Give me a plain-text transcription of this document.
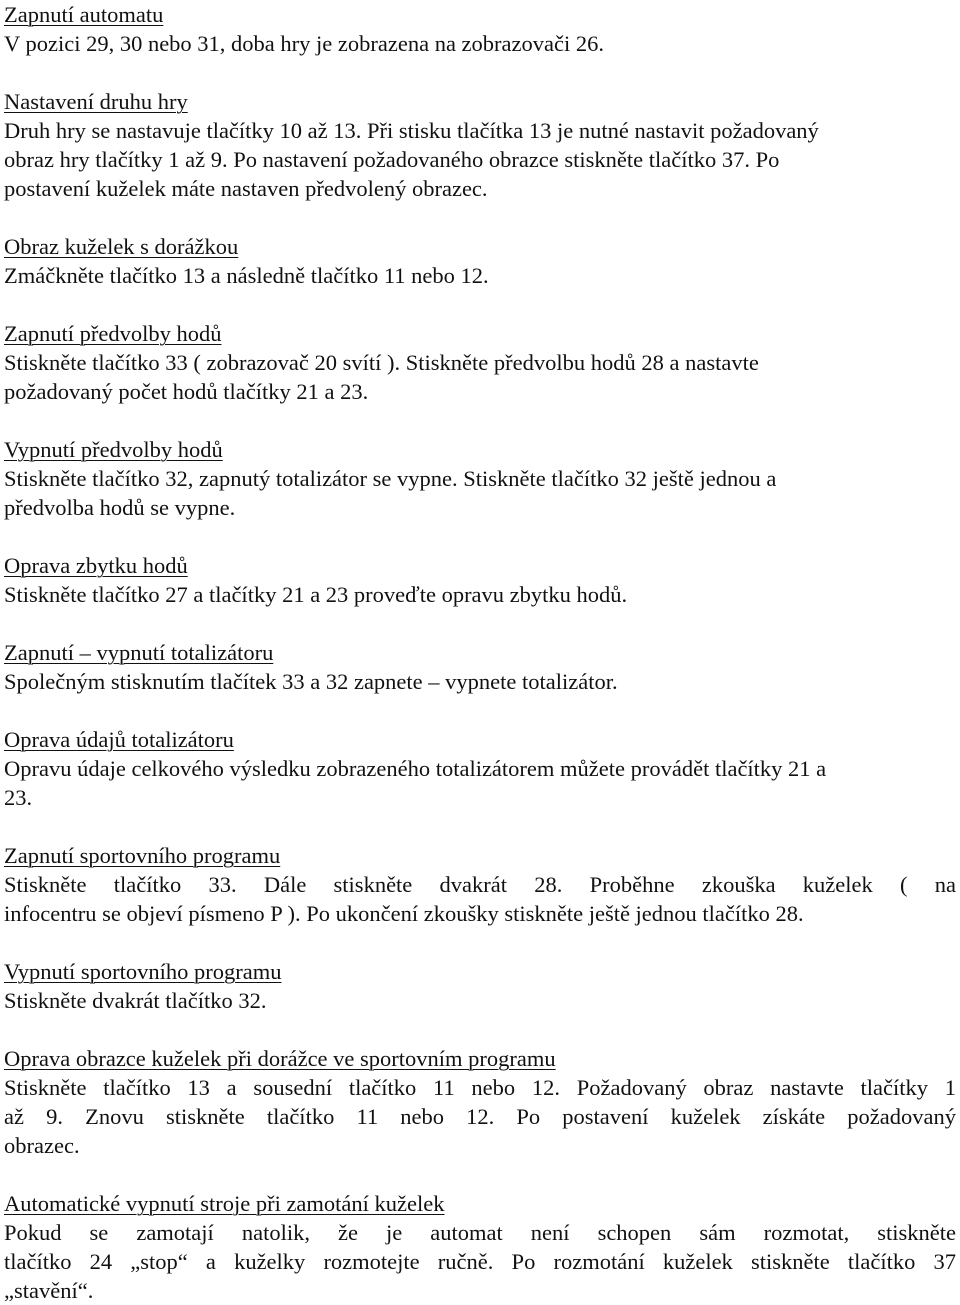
Zapnutí automatu
V pozici 29, 30 nebo 31, doba hry je zobrazena na zobrazovači 26.
Nastavení druhu hry
Druh hry se nastavuje tlačítky 10 až 13. Při stisku tlačítka 13 je nutné nastavit požadovaný
obraz hry tlačítky 1 až 9. Po nastavení požadovaného obrazce stiskněte tlačítko 37. Po
postavení kuželek máte nastaven předvolený obrazec.
Obraz kuželek s dorážkou
Zmáčkněte tlačítko 13 a následně tlačítko 11 nebo 12.
Zapnutí předvolby hodů
Stiskněte tlačítko 33 ( zobrazovač 20 svítí ). Stiskněte předvolbu hodů 28 a nastavte
požadovaný počet hodů tlačítky 21 a 23.
Vypnutí předvolby hodů
Stiskněte tlačítko 32, zapnutý totalizátor se vypne. Stiskněte tlačítko 32 ještě jednou a
předvolba hodů se vypne.
Oprava zbytku hodů
Stiskněte tlačítko 27 a tlačítky 21 a 23 proveďte opravu zbytku hodů.
Zapnutí – vypnutí totalizátoru
Společným stisknutím tlačítek 33 a 32 zapnete – vypnete totalizátor.
Oprava údajů totalizátoru
Opravu údaje celkového výsledku zobrazeného totalizátorem můžete provádět tlačítky 21 a
23.
Zapnutí sportovního programu
Stiskněte tlačítko 33. Dále stiskněte dvakrát 28. Proběhne zkouška kuželek ( na
infocentru se objeví písmeno P ). Po ukončení zkoušky stiskněte ještě jednou tlačítko 28.
Vypnutí sportovního programu
Stiskněte dvakrát tlačítko 32.
Oprava obrazce kuželek při dorážce ve sportovním programu
Stiskněte tlačítko 13 a sousední tlačítko 11 nebo 12. Požadovaný obraz nastavte tlačítky 1
až 9. Znovu stiskněte tlačítko 11 nebo 12. Po postavení kuželek získáte požadovaný
obrazec.
Automatické vypnutí stroje při zamotání kuželek
Pokud se zamotají natolik, že je automat není schopen sám rozmotat, stiskněte
tlačítko 24 „stop“ a kuželky rozmotejte ručně. Po rozmotání kuželek stiskněte tlačítko 37
„stavění“.
